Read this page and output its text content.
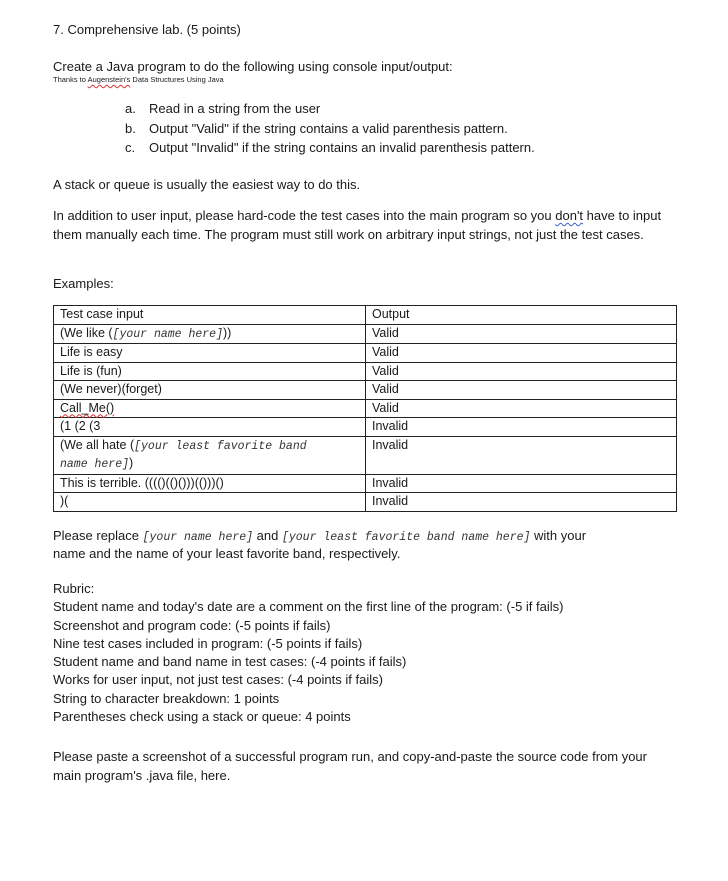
7. Comprehensive lab. (5 points)
Create a Java program to do the following using console input/output:
Thanks to Augenstein's Data Structures Using Java
a. Read in a string from the user
b. Output "Valid" if the string contains a valid parenthesis pattern.
c. Output "Invalid" if the string contains an invalid parenthesis pattern.
A stack or queue is usually the easiest way to do this.
In addition to user input, please hard-code the test cases into the main program so you don't have to input them manually each time. The program must still work on arbitrary input strings, not just the test cases.
Examples:
Test case input	Output
(We like ([your name here]))	Valid
Life is easy	Valid
Life is (fun)	Valid
(We never)(forget)	Valid
Call_Me()	Valid
(1 (2 (3	Invalid
(We all hate ([your least favorite band
name here])	Invalid
This is terrible. (((()(()()))(()))()	Invalid
)(	Invalid
Please replace [your name here] and [your least favorite band name here] with your
name and the name of your least favorite band, respectively.
Rubric:
Student name and today's date are a comment on the first line of the program: (-5 if fails)
Screenshot and program code: (-5 points if fails)
Nine test cases included in program: (-5 points if fails)
Student name and band name in test cases: (-4 points if fails)
Works for user input, not just test cases: (-4 points if fails)
String to character breakdown: 1 points
Parentheses check using a stack or queue: 4 points
Please paste a screenshot of a successful program run, and copy-and-paste the source code from your main program's .java file, here.
